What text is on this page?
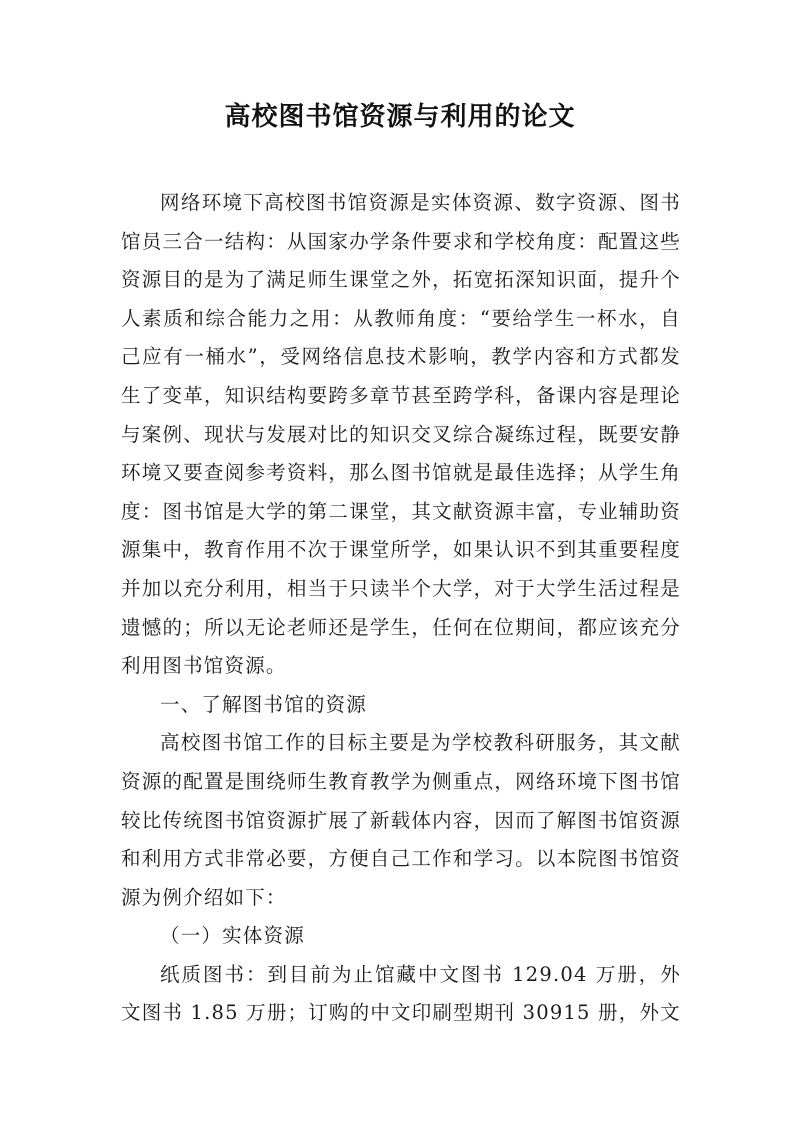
高校图书馆资源与利用的论文

网络环境下高校图书馆资源是实体资源、数字资源、图书馆员三合一结构：从国家办学条件要求和学校角度：配置这些资源目的是为了满足师生课堂之外，拓宽拓深知识面，提升个人素质和综合能力之用：从教师角度：“要给学生一杯水，自己应有一桶水”，受网络信息技术影响，教学内容和方式都发生了变革，知识结构要跨多章节甚至跨学科，备课内容是理论与案例、现状与发展对比的知识交叉综合凝练过程，既要安静环境又要查阅参考资料，那么图书馆就是最佳选择；从学生角度：图书馆是大学的第二课堂，其文献资源丰富，专业辅助资源集中，教育作用不次于课堂所学，如果认识不到其重要程度并加以充分利用，相当于只读半个大学，对于大学生活过程是遗憾的；所以无论老师还是学生，任何在位期间，都应该充分利用图书馆资源。

一、了解图书馆的资源

高校图书馆工作的目标主要是为学校教科研服务，其文献资源的配置是围绕师生教育教学为侧重点，网络环境下图书馆较比传统图书馆资源扩展了新载体内容，因而了解图书馆资源和利用方式非常必要，方便自己工作和学习。以本院图书馆资源为例介绍如下：

（一）实体资源

纸质图书：到目前为止馆藏中文图书 129.04 万册，外文图书 1.85 万册；订购的中文印刷型期刊 30915 册，外文
